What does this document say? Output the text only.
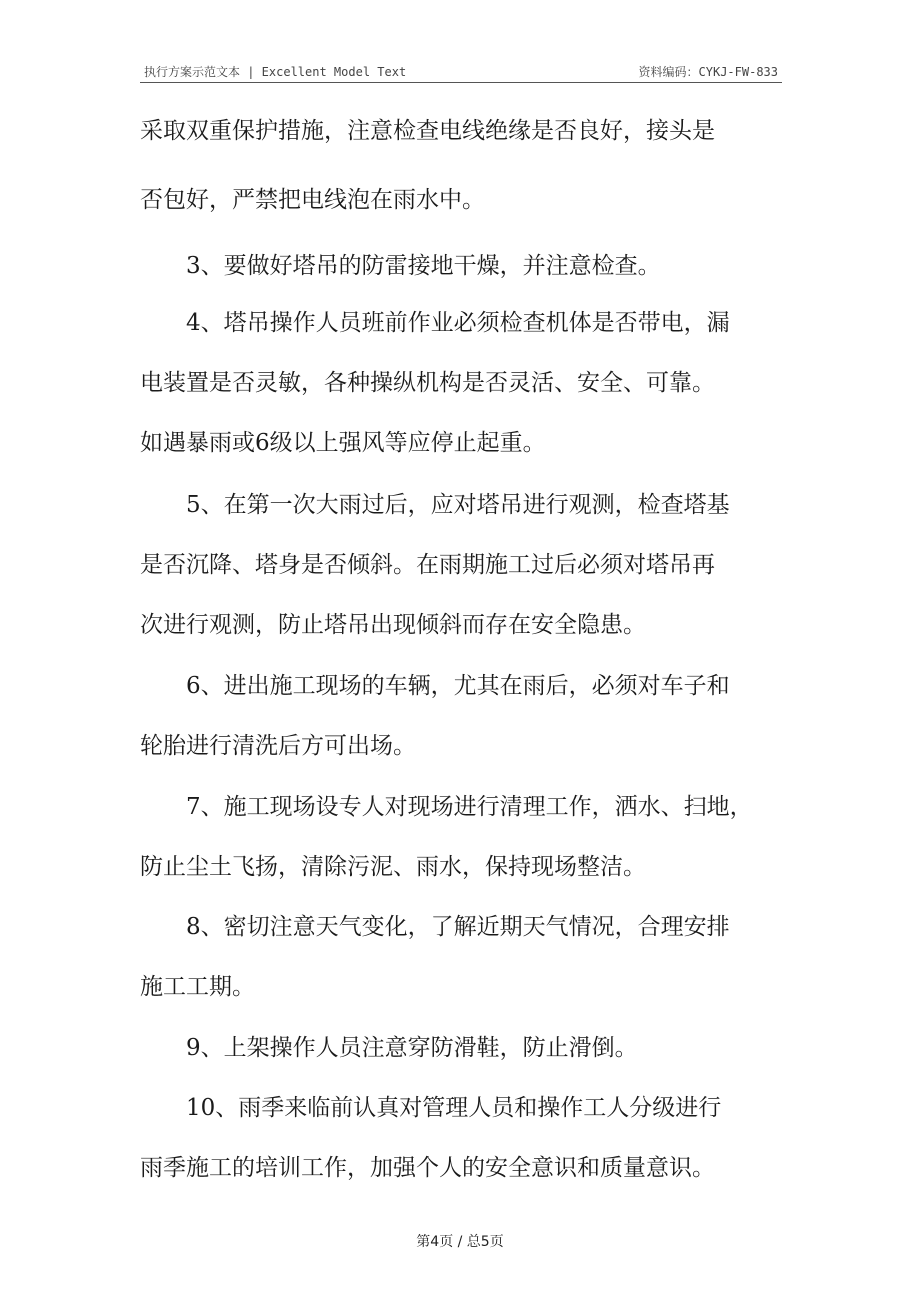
执行方案示范文本 | Excellent Model Text	资料编码：CYKJ-FW-833
采取双重保护措施，注意检查电线绝缘是否良好，接头是
否包好，严禁把电线泡在雨水中。
　　3、要做好塔吊的防雷接地干燥，并注意检查。
　　4、塔吊操作人员班前作业必须检查机体是否带电，漏
电装置是否灵敏，各种操纵机构是否灵活、安全、可靠。
如遇暴雨或6级以上强风等应停止起重。
　　5、在第一次大雨过后，应对塔吊进行观测，检查塔基
是否沉降、塔身是否倾斜。在雨期施工过后必须对塔吊再
次进行观测，防止塔吊出现倾斜而存在安全隐患。
　　6、进出施工现场的车辆，尤其在雨后，必须对车子和
轮胎进行清洗后方可出场。
　　7、施工现场设专人对现场进行清理工作，洒水、扫地，
防止尘土飞扬，清除污泥、雨水，保持现场整洁。
　　8、密切注意天气变化，了解近期天气情况，合理安排
施工工期。
　　9、上架操作人员注意穿防滑鞋，防止滑倒。
　　10、雨季来临前认真对管理人员和操作工人分级进行
雨季施工的培训工作，加强个人的安全意识和质量意识。
第4页 / 总5页
